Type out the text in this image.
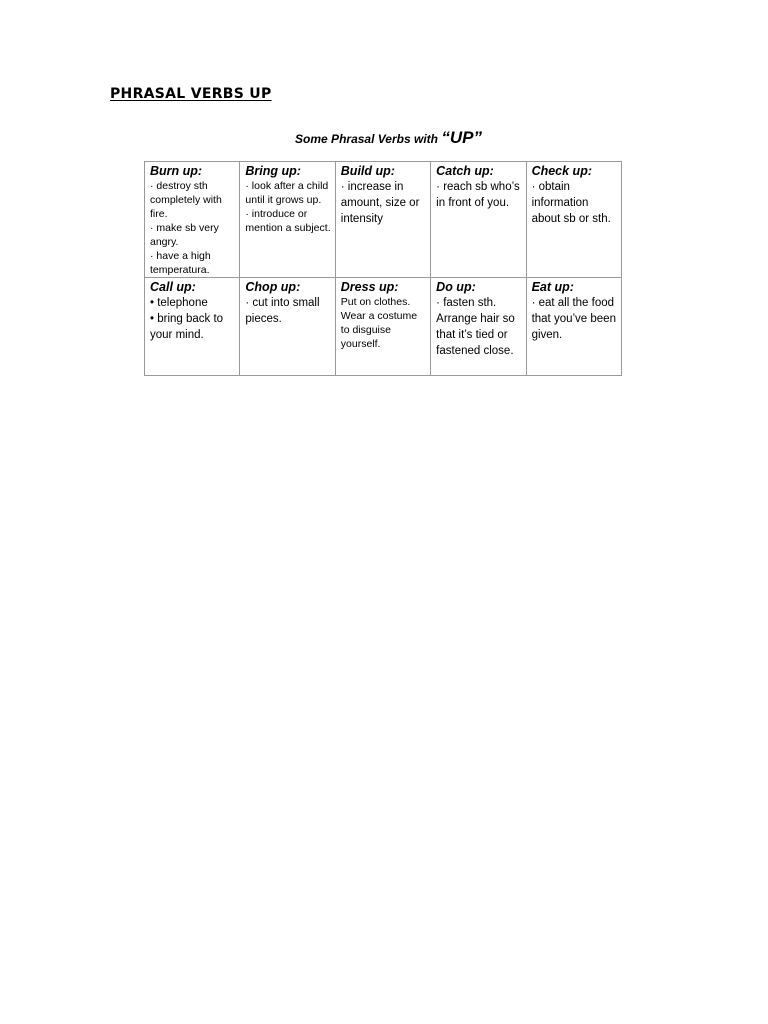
PHRASAL VERBS UP
Some Phrasal Verbs with “UP”
Burn up:
· destroy sth completely with fire.
· make sb very angry.
· have a high temperatura.	Bring up:
· look after a child until it grows up.
· introduce or mention a subject.	Build up:
· increase in amount, size or intensity	Catch up:
· reach sb who’s in front of you.	Check up:
· obtain information about sb or sth.

Call up:
• telephone
• bring back to your mind.	Chop up:
· cut into small pieces.	Dress up:
Put on clothes. Wear a costume to disguise yourself.	Do up:
· fasten sth. Arrange hair so that it’s tied or fastened close.	Eat up:
· eat all the food that you’ve been given.
